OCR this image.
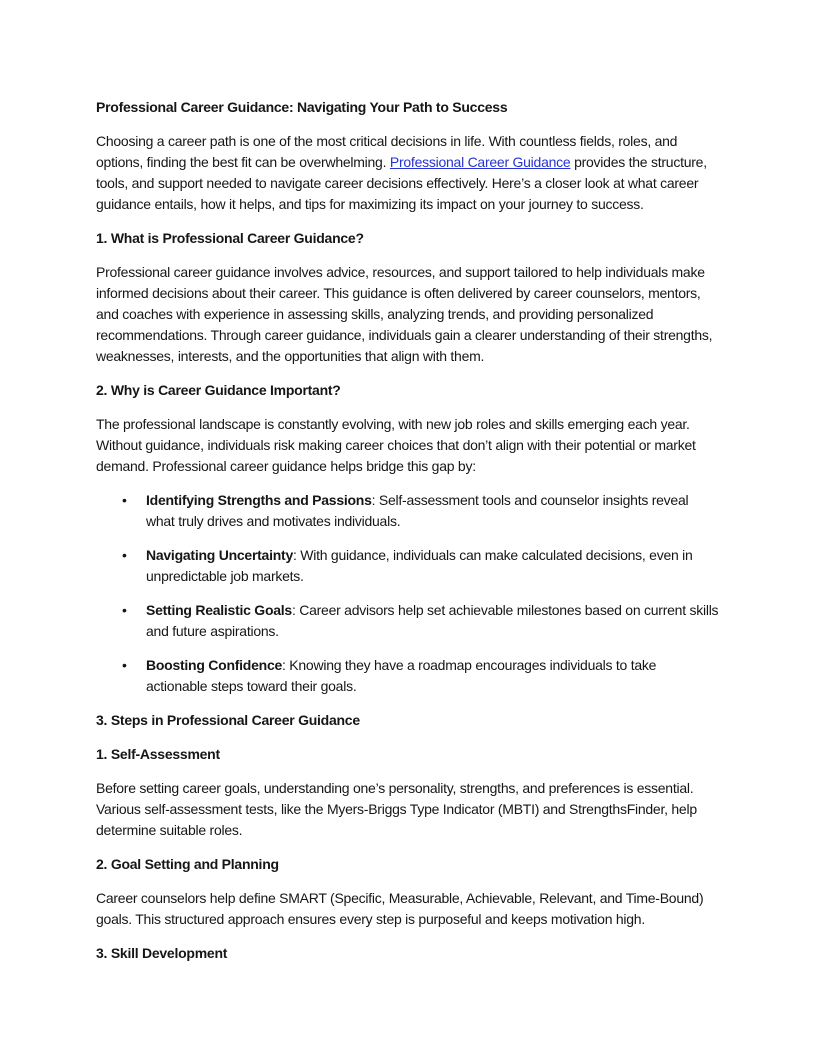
Professional Career Guidance: Navigating Your Path to Success

Choosing a career path is one of the most critical decisions in life. With countless fields, roles, and options, finding the best fit can be overwhelming. Professional Career Guidance provides the structure, tools, and support needed to navigate career decisions effectively. Here’s a closer look at what career guidance entails, how it helps, and tips for maximizing its impact on your journey to success.

1. What is Professional Career Guidance?

Professional career guidance involves advice, resources, and support tailored to help individuals make informed decisions about their career. This guidance is often delivered by career counselors, mentors, and coaches with experience in assessing skills, analyzing trends, and providing personalized recommendations. Through career guidance, individuals gain a clearer understanding of their strengths, weaknesses, interests, and the opportunities that align with them.

2. Why is Career Guidance Important?

The professional landscape is constantly evolving, with new job roles and skills emerging each year. Without guidance, individuals risk making career choices that don’t align with their potential or market demand. Professional career guidance helps bridge this gap by:

• Identifying Strengths and Passions: Self-assessment tools and counselor insights reveal what truly drives and motivates individuals.
• Navigating Uncertainty: With guidance, individuals can make calculated decisions, even in unpredictable job markets.
• Setting Realistic Goals: Career advisors help set achievable milestones based on current skills and future aspirations.
• Boosting Confidence: Knowing they have a roadmap encourages individuals to take actionable steps toward their goals.

3. Steps in Professional Career Guidance

1. Self-Assessment

Before setting career goals, understanding one’s personality, strengths, and preferences is essential. Various self-assessment tests, like the Myers-Briggs Type Indicator (MBTI) and StrengthsFinder, help determine suitable roles.

2. Goal Setting and Planning

Career counselors help define SMART (Specific, Measurable, Achievable, Relevant, and Time-Bound) goals. This structured approach ensures every step is purposeful and keeps motivation high.

3. Skill Development
